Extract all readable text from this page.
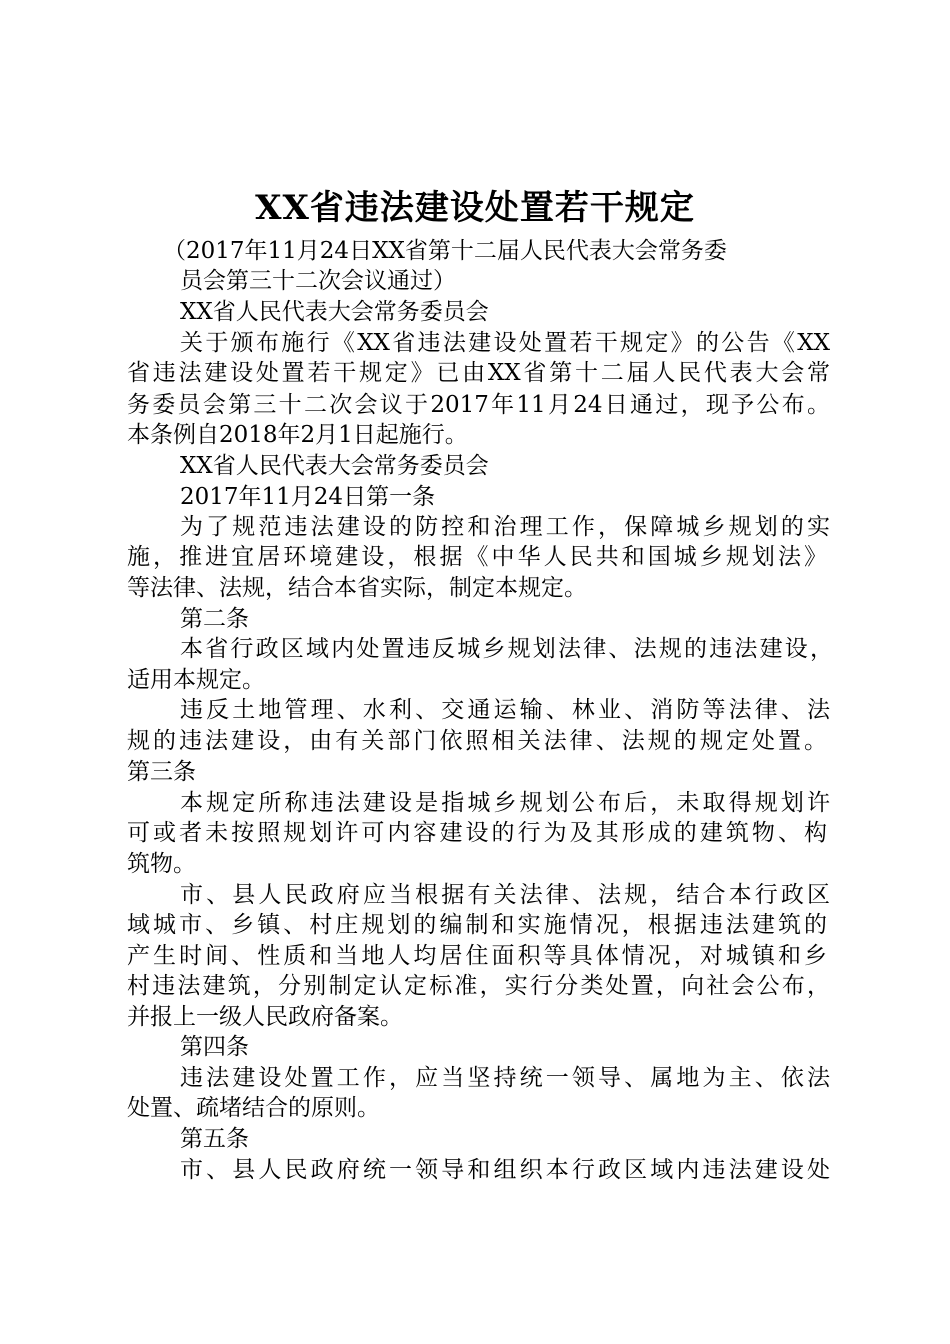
XX省违法建设处置若干规定
（2017年11月24日XX省第十二届人民代表大会常务委
员会第三十二次会议通过）
XX省人民代表大会常务委员会
关于颁布施行《XX省违法建设处置若干规定》的公告《XX
省违法建设处置若干规定》已由XX省第十二届人民代表大会常
务委员会第三十二次会议于2017年11月24日通过，现予公布。
本条例自2018年2月1日起施行。
XX省人民代表大会常务委员会
2017年11月24日第一条
为了规范违法建设的防控和治理工作，保障城乡规划的实
施，推进宜居环境建设，根据《中华人民共和国城乡规划法》
等法律、法规，结合本省实际，制定本规定。
第二条
本省行政区域内处置违反城乡规划法律、法规的违法建设，
适用本规定。
违反土地管理、水利、交通运输、林业、消防等法律、法
规的违法建设，由有关部门依照相关法律、法规的规定处置。
第三条
本规定所称违法建设是指城乡规划公布后，未取得规划许
可或者未按照规划许可内容建设的行为及其形成的建筑物、构
筑物。
市、县人民政府应当根据有关法律、法规，结合本行政区
域城市、乡镇、村庄规划的编制和实施情况，根据违法建筑的
产生时间、性质和当地人均居住面积等具体情况，对城镇和乡
村违法建筑，分别制定认定标准，实行分类处置，向社会公布，
并报上一级人民政府备案。
第四条
违法建设处置工作，应当坚持统一领导、属地为主、依法
处置、疏堵结合的原则。
第五条
市、县人民政府统一领导和组织本行政区域内违法建设处
